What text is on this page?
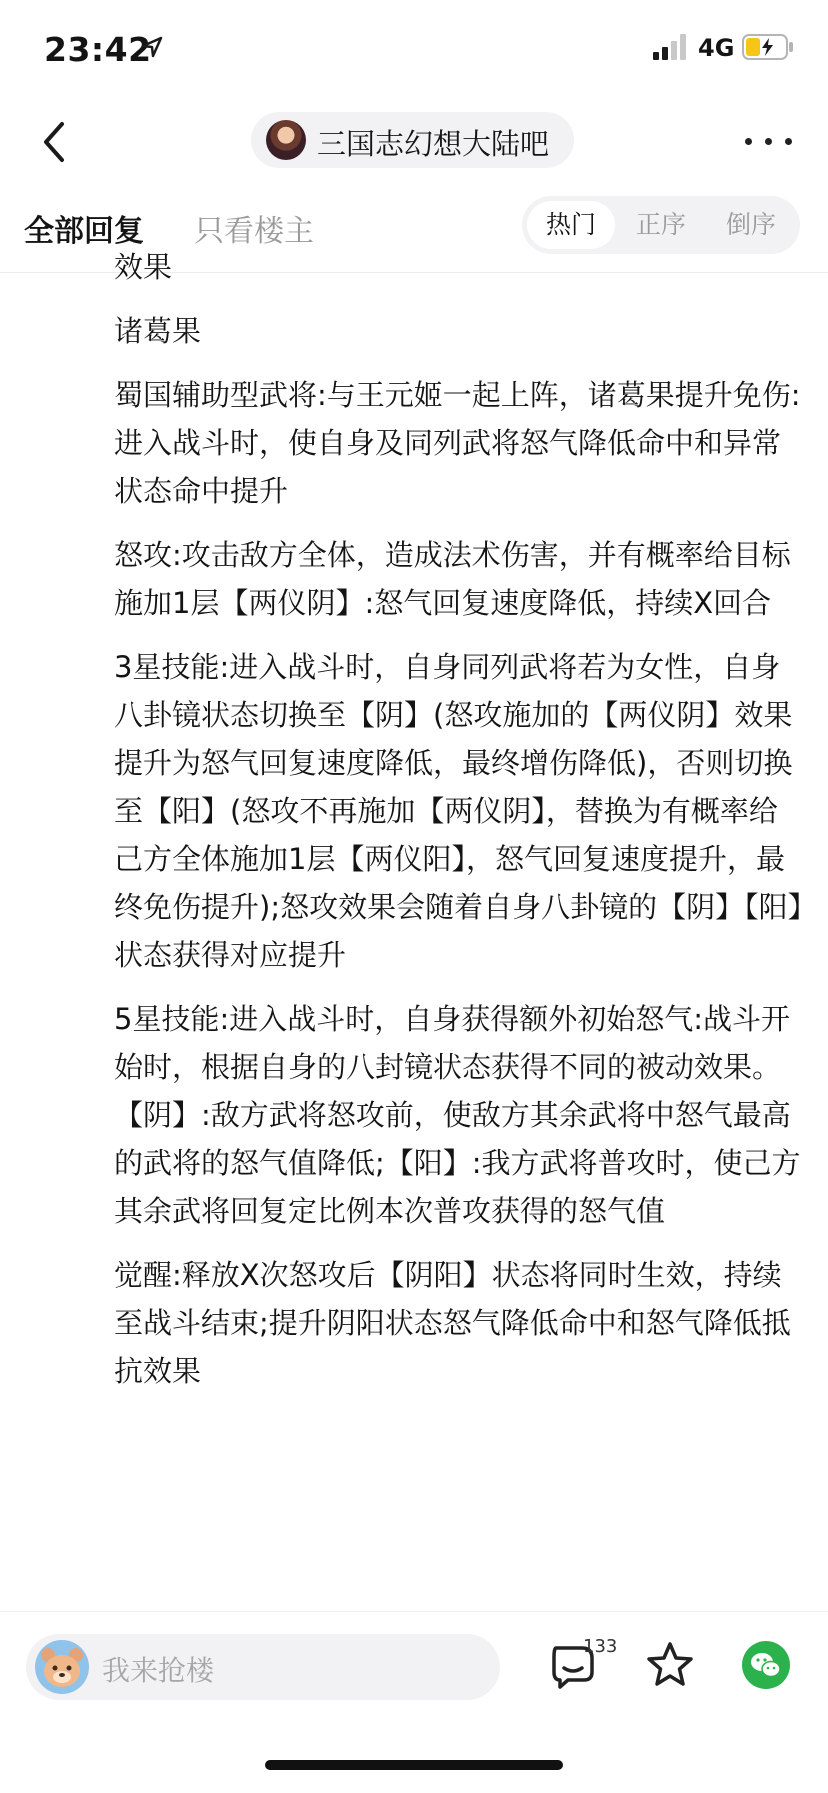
23:42	4G
三国志幻想大陆吧
全部回复 只看楼主	热门	正序	倒序

效果

诸葛果

蜀国辅助型武将:与王元姬一起上阵，诸葛果提升免伤:进入战斗时，使自身及同列武将怒气降低命中和异常状态命中提升

怒攻:攻击敌方全体，造成法术伤害，并有概率给目标施加1层【两仪阴】:怒气回复速度降低，持续X回合

3星技能:进入战斗时，自身同列武将若为女性，自身八卦镜状态切换至【阴】(怒攻施加的【两仪阴】效果提升为怒气回复速度降低，最终增伤降低)，否则切换至【阳】(怒攻不再施加【两仪阴】，替换为有概率给己方全体施加1层【两仪阳】，怒气回复速度提升，最终免伤提升);怒攻效果会随着自身八卦镜的【阴】【阳】状态获得对应提升

5星技能:进入战斗时，自身获得额外初始怒气:战斗开始时，根据自身的八封镜状态获得不同的被动效果。【阴】:敌方武将怒攻前，使敌方其余武将中怒气最高的武将的怒气值降低;【阳】:我方武将普攻时，使己方其余武将回复定比例本次普攻获得的怒气值

觉醒:释放X次怒攻后【阴阳】状态将同时生效，持续至战斗结束;提升阴阳状态怒气降低命中和怒气降低抵抗效果

我来抢楼
133
